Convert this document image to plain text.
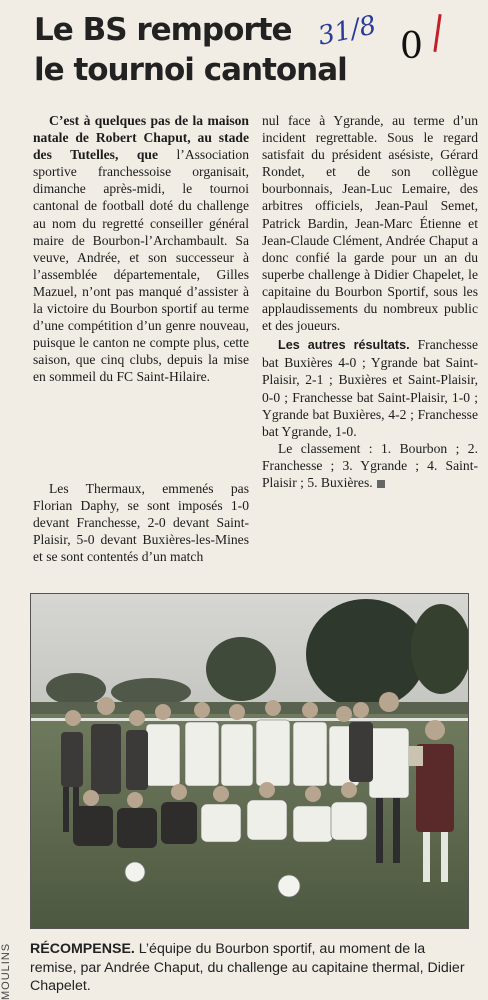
Le BS remporte
le tournoi cantonal
31/8 0

C’est à quelques pas de la maison natale de Robert Chaput, au stade des Tutelles, que l’Association sportive franchessoise organisait, dimanche après-midi, le tournoi cantonal de football doté du challenge au nom du regretté conseiller général maire de Bourbon-l’Archambault. Sa veuve, Andrée, et son successeur à l’assemblée départementale, Gilles Mazuel, n’ont pas manqué d’assister à la victoire du Bourbon sportif au terme d’une compétition d’un genre nouveau, puisque le canton ne compte plus, cette saison, que cinq clubs, depuis la mise en sommeil du FC Saint-Hilaire.

Les autres résultats. Franchesse bat Buxières 4-0 ; Ygrande bat Saint-Plaisir, 2-1 ; Buxières et Saint-Plaisir, 0-0 ; Franchesse bat Saint-Plaisir, 1-0 ; Ygrande bat Buxières, 4-2 ; Franchesse bat Ygrande, 1-0.

Le classement : 1. Bourbon ; 2. Franchesse ; 3. Ygrande ; 4. Saint-Plaisir ; 5. Buxières.

Les Thermaux, emmenés pas Florian Daphy, se sont imposés 1-0 devant Franchesse, 2-0 devant Saint-Plaisir, 5-0 devant Buxières-les-Mines et se sont contentés d’un match

nul face à Ygrande, au terme d’un incident regrettable. Sous le regard satisfait du président asésiste, Gérard Rondet, et de son collègue bourbonnais, Jean-Luc Lemaire, des arbitres officiels, Jean-Paul Semet, Patrick Bardin, Jean-Marc Étienne et Jean-Claude Clément, Andrée Chaput a donc confié la garde pour un an du superbe challenge à Didier Chapelet, le capitaine du Bourbon Sportif, sous les applaudissements du nombreux public et des joueurs.

RÉCOMPENSE. L’équipe du Bourbon sportif, au moment de la remise, par Andrée Chaput, du challenge au capitaine thermal, Didier Chapelet.
MOULINS
